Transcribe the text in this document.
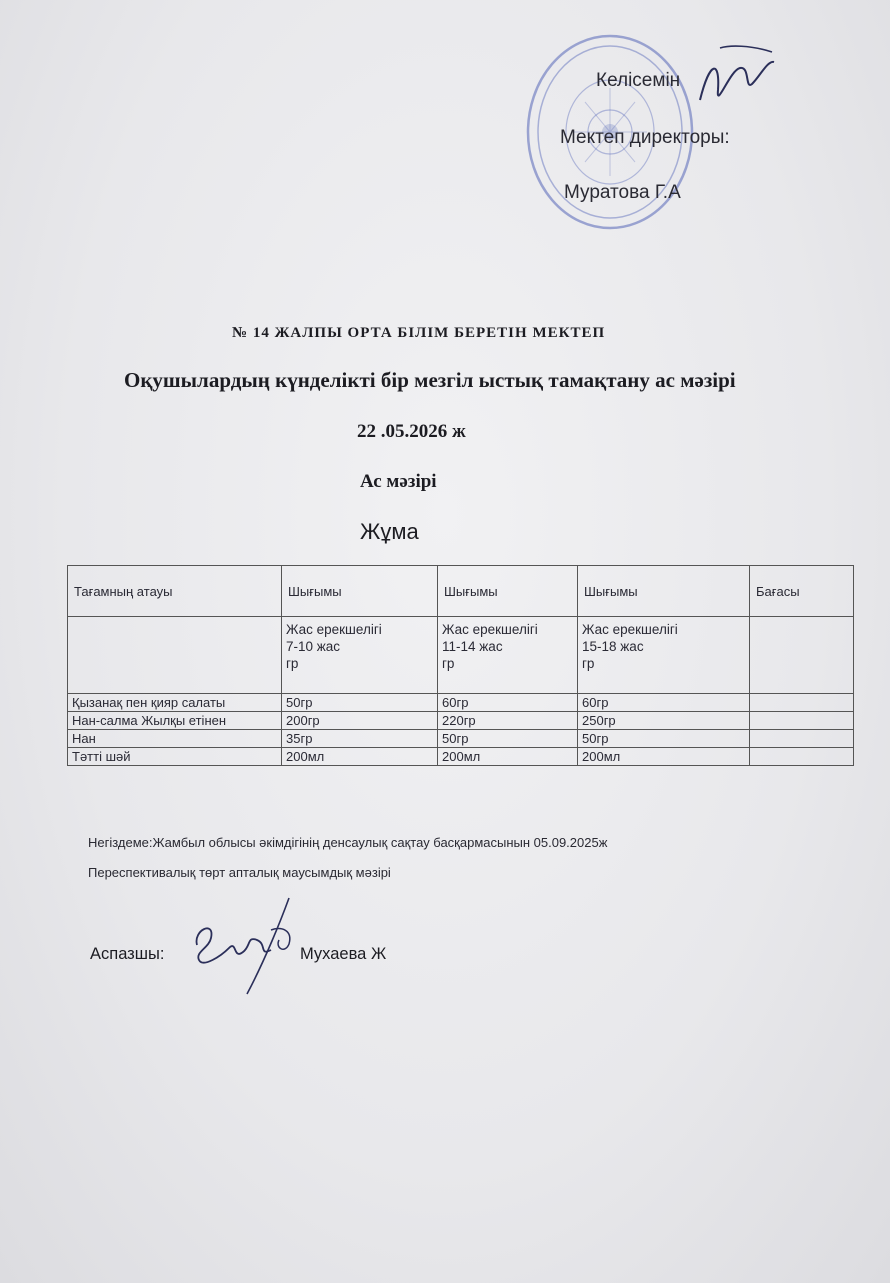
Келісемін
Мектеп директоры:
Муратова Г.А
№ 14 ЖАЛПЫ ОРТА БІЛІМ БЕРЕТІН МЕКТЕП
Оқушылардың күнделікті бір мезгіл ыстық тамақтану ас мәзірі
22 .05.2026 ж
Ас мәзірі
Жұма
Тағамның атауы	Шығымы	Шығымы	Шығымы	Бағасы

	Жас ерекшелігі
7-10 жас
гр	Жас ерекшелігі
11-14 жас
гр	Жас ерекшелігі
15-18 жас
гр	

Қызанақ пен қияр салаты	50гр	60гр	60гр	
Нан-салма Жылқы етінен	200гр	220гр	250гр	
Нан	35гр	50гр	50гр	
Тәтті шәй	200мл	200мл	200мл	
Негіздеме:Жамбыл облысы әкімдігінің денсаулық сақтау басқармасынын 05.09.2025ж
Переспективалық төрт апталық маусымдық мәзірі
Аспазшы:	Мухаева Ж
